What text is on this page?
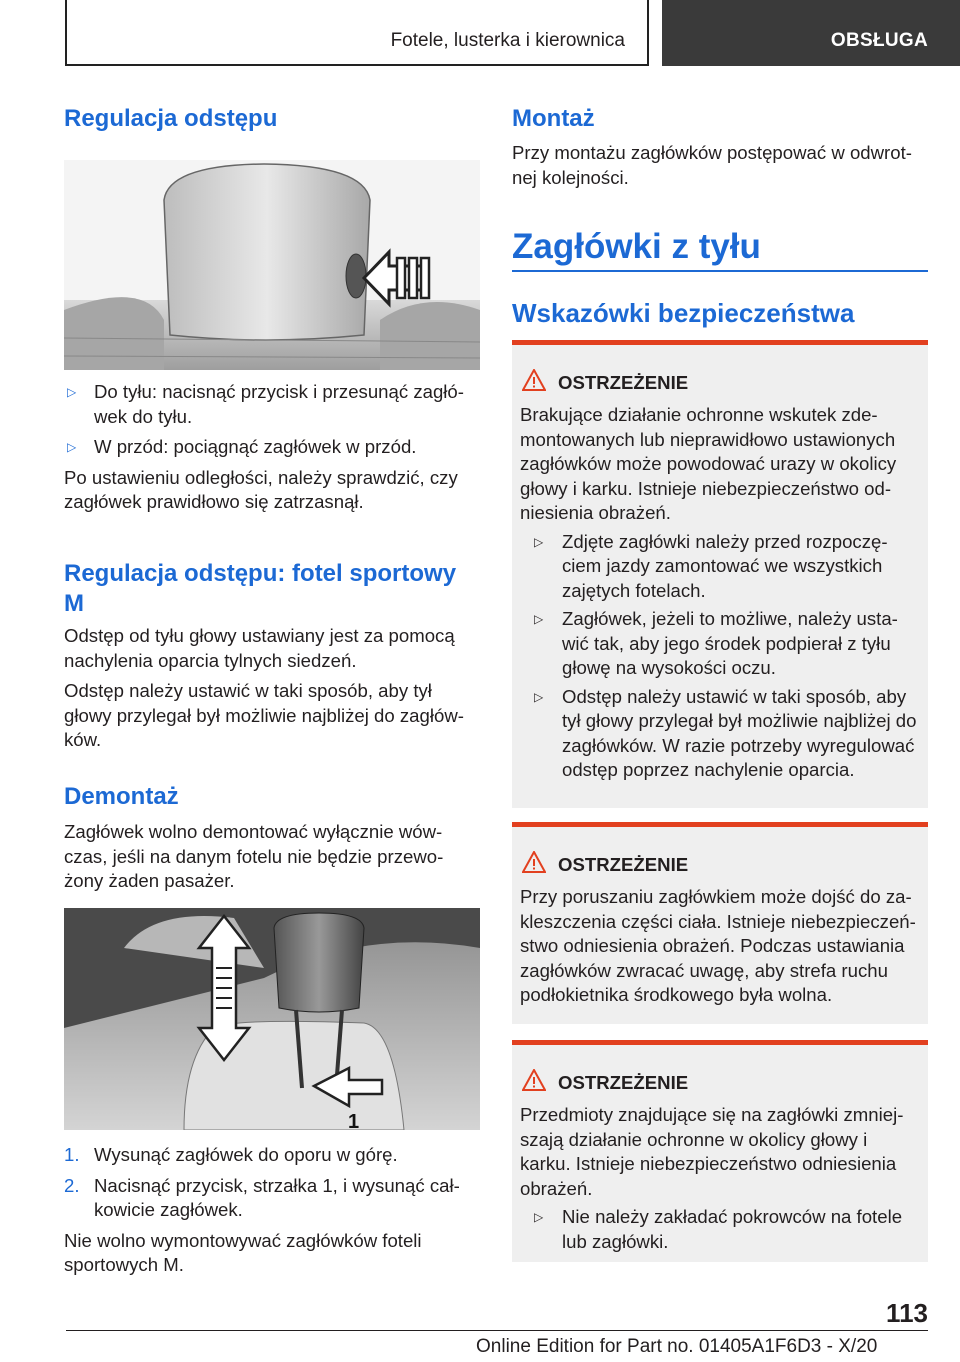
Fotele, lusterka i kierownica	OBSŁUGA
Regulacja odstępu
▷ Do tyłu: nacisnąć przycisk i przesunąć zagłó- wek do tyłu.
▷ W przód: pociągnąć zagłówek w przód.

Po ustawieniu odległości, należy sprawdzić, czy zagłówek prawidłowo się zatrzasnął.

Regulacja odstępu: fotel sportowy M

Odstęp od tyłu głowy ustawiany jest za pomocą nachylenia oparcia tylnych siedzeń.

Odstęp należy ustawić w taki sposób, aby tył głowy przylegał był możliwie najbliżej do zagłów- ków.

Demontaż

Zagłówek wolno demontować wyłącznie wów- czas, jeśli na danym fotelu nie będzie przewo- żony żaden pasażer.

1
1. Wysunąć zagłówek do oporu w górę.
2. Nacisnąć przycisk, strzałka 1, i wysunąć cał- kowicie zagłówek.

Nie wolno wymontowywać zagłówków foteli sportowych M.

Montaż

Przy montażu zagłówków postępować w odwrot- nej kolejności.

Zagłówki z tyłu
Wskazówki bezpieczeństwa
OSTRZEŻENIE

Brakujące działanie ochronne wskutek zde- montowanych lub nieprawidłowo ustawionych zagłówków może powodować urazy w okolicy głowy i karku. Istnieje niebezpieczeństwo od- niesienia obrażeń.

▷ Zdjęte zagłówki należy przed rozpoczę- ciem jazdy zamontować we wszystkich zajętych fotelach.
▷ Zagłówek, jeżeli to możliwe, należy usta- wić tak, aby jego środek podpierał z tyłu głowę na wysokości oczu.
▷ Odstęp należy ustawić w taki sposób, aby tył głowy przylegał był możliwie najbliżej do zagłówków. W razie potrzeby wyregulować odstęp poprzez nachylenie oparcia.
OSTRZEŻENIE

Przy poruszaniu zagłówkiem może dojść do za- kleszczenia części ciała. Istnieje niebezpieczeń- stwo odniesienia obrażeń. Podczas ustawiania zagłówków zwracać uwagę, aby strefa ruchu podłokietnika środkowego była wolna.

OSTRZEŻENIE

Przedmioty znajdujące się na zagłówki zmniej- szają działanie ochronne w okolicy głowy i karku. Istnieje niebezpieczeństwo odniesienia obrażeń.

▷ Nie należy zakładać pokrowców na fotele lub zagłówki.
113
Online Edition for Part no. 01405A1F6D3 - X/20
